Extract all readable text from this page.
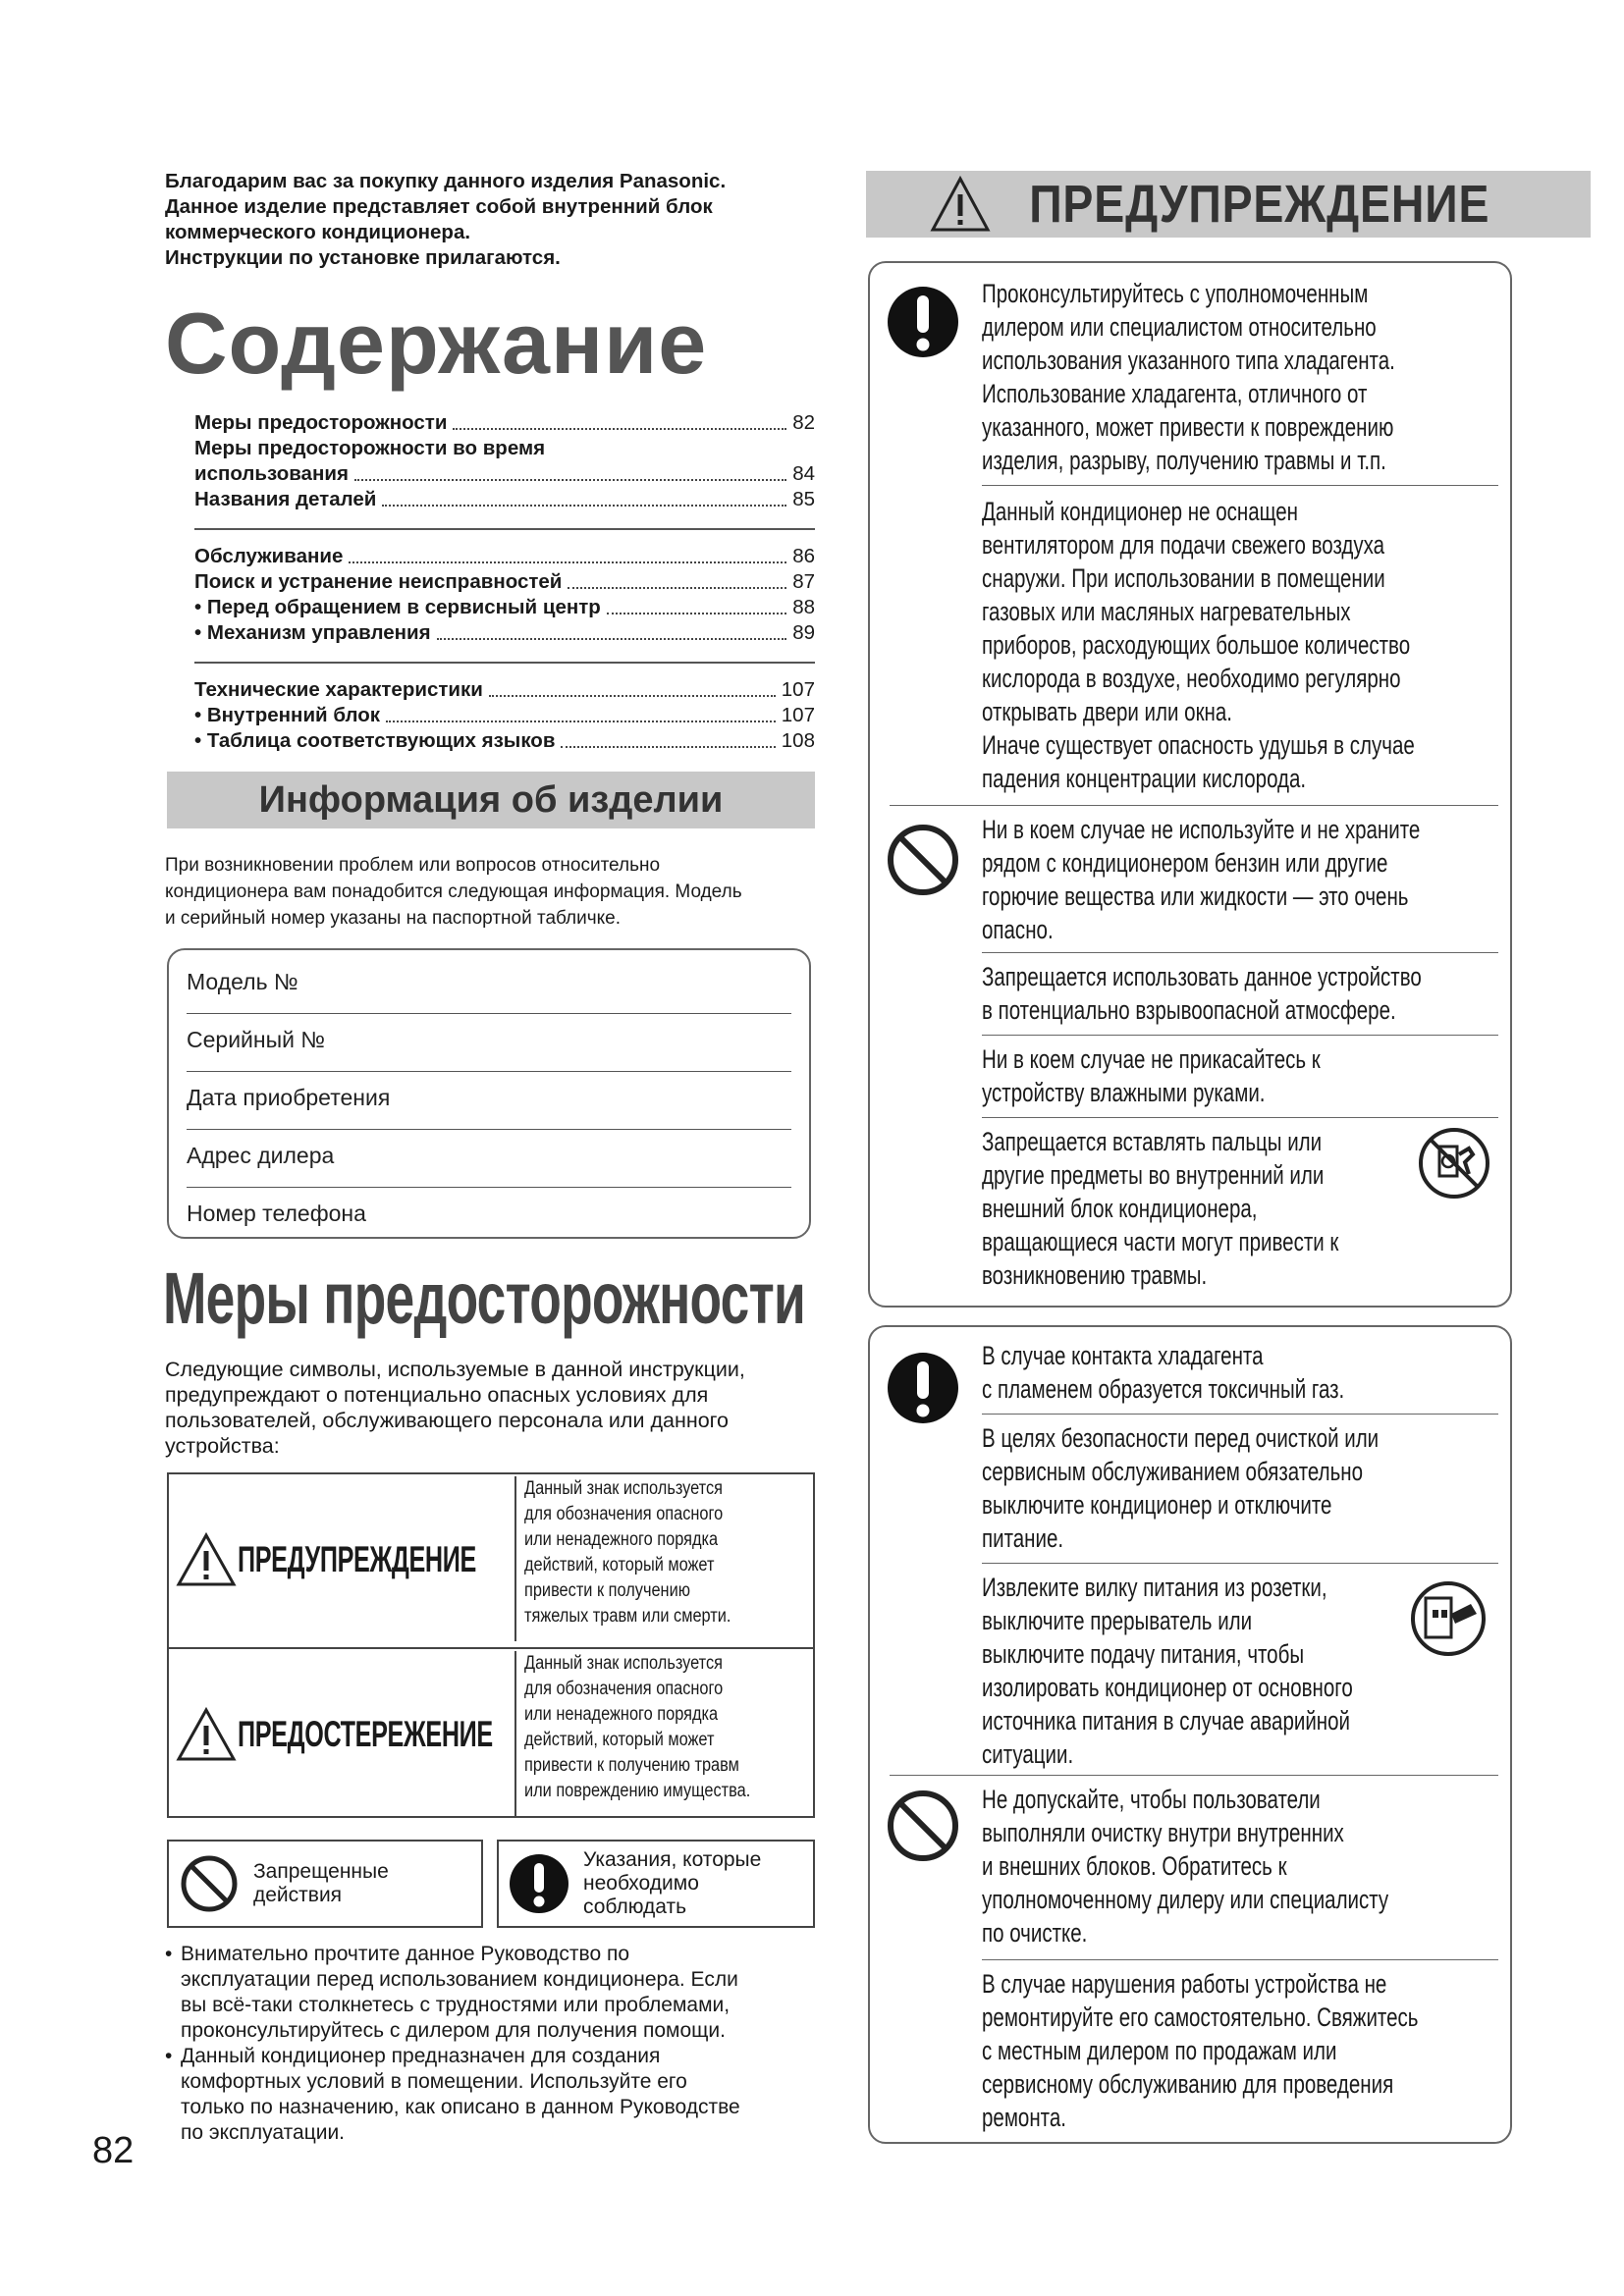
Благодарим вас за покупку данного изделия Panasonic.
Данное изделие представляет собой внутренний блок
коммерческого кондиционера.
Инструкции по установке прилагаются.
Содержание
Меры предосторожности	82
Меры предосторожности во время
использования	84
Названия деталей	85
Обслуживание	86
Поиск и устранение неисправностей	87
• Перед обращением в сервисный центр	88
• Механизм управления	89
Технические характеристики	107
• Внутренний блок	107
• Таблица соответствующих языков	108
Информация об изделии
При возникновении проблем или вопросов относительно
кондиционера вам понадобится следующая информация. Модель
и серийный номер указаны на паспортной табличке.
Модель №
Серийный №
Дата приобретения
Адрес дилера
Номер телефона
Меры предосторожности
Следующие символы, используемые в данной инструкции,
предупреждают о потенциально опасных условиях для
пользователей, обслуживающего персонала или данного
устройства:
ПРЕДУПРЕЖДЕНИЕ
Данный знак используется
для обозначения опасного
или ненадежного порядка
действий, который может
привести к получению
тяжелых травм или смерти.
ПРЕДОСТЕРЕЖЕНИЕ
Данный знак используется
для обозначения опасного
или ненадежного порядка
действий, который может
привести к получению травм
или повреждению имущества.
Запрещенные
действия
Указания, которые
необходимо
соблюдать
• Внимательно прочтите данное Руководство по
эксплуатации перед использованием кондиционера. Если
вы всё-таки столкнетесь с трудностями или проблемами,
проконсультируйтесь с дилером для получения помощи.
• Данный кондиционер предназначен для создания
комфортных условий в помещении. Используйте его
только по назначению, как описано в данном Руководстве
по эксплуатации.
82
ПРЕДУПРЕЖДЕНИЕ
Проконсультируйтесь с уполномоченным
дилером или специалистом относительно
использования указанного типа хладагента.
Использование хладагента, отличного от
указанного, может привести к повреждению
изделия, разрыву, получению травмы и т.п.
Данный кондиционер не оснащен
вентилятором для подачи свежего воздуха
снаружи. При использовании в помещении
газовых или масляных нагревательных
приборов, расходующих большое количество
кислорода в воздухе, необходимо регулярно
открывать двери или окна.
Иначе существует опасность удушья в случае
падения концентрации кислорода.
Ни в коем случае не используйте и не храните
рядом с кондиционером бензин или другие
горючие вещества или жидкости — это очень
опасно.
Запрещается использовать данное устройство
в потенциально взрывоопасной атмосфере.
Ни в коем случае не прикасайтесь к
устройству влажными руками.
Запрещается вставлять пальцы или
другие предметы во внутренний или
внешний блок кондиционера,
вращающиеся части могут привести к
возникновению травмы.
В случае контакта хладагента
с пламенем образуется токсичный газ.
В целях безопасности перед очисткой или
сервисным обслуживанием обязательно
выключите кондиционер и отключите
питание.
Извлеките вилку питания из розетки,
выключите прерыватель или
выключите подачу питания, чтобы
изолировать кондиционер от основного
источника питания в случае аварийной
ситуации.
Не допускайте, чтобы пользователи
выполняли очистку внутри внутренних
и внешних блоков. Обратитесь к
уполномоченному дилеру или специалисту
по очистке.
В случае нарушения работы устройства не
ремонтируйте его самостоятельно. Свяжитесь
с местным дилером по продажам или
сервисному обслуживанию для проведения
ремонта.
